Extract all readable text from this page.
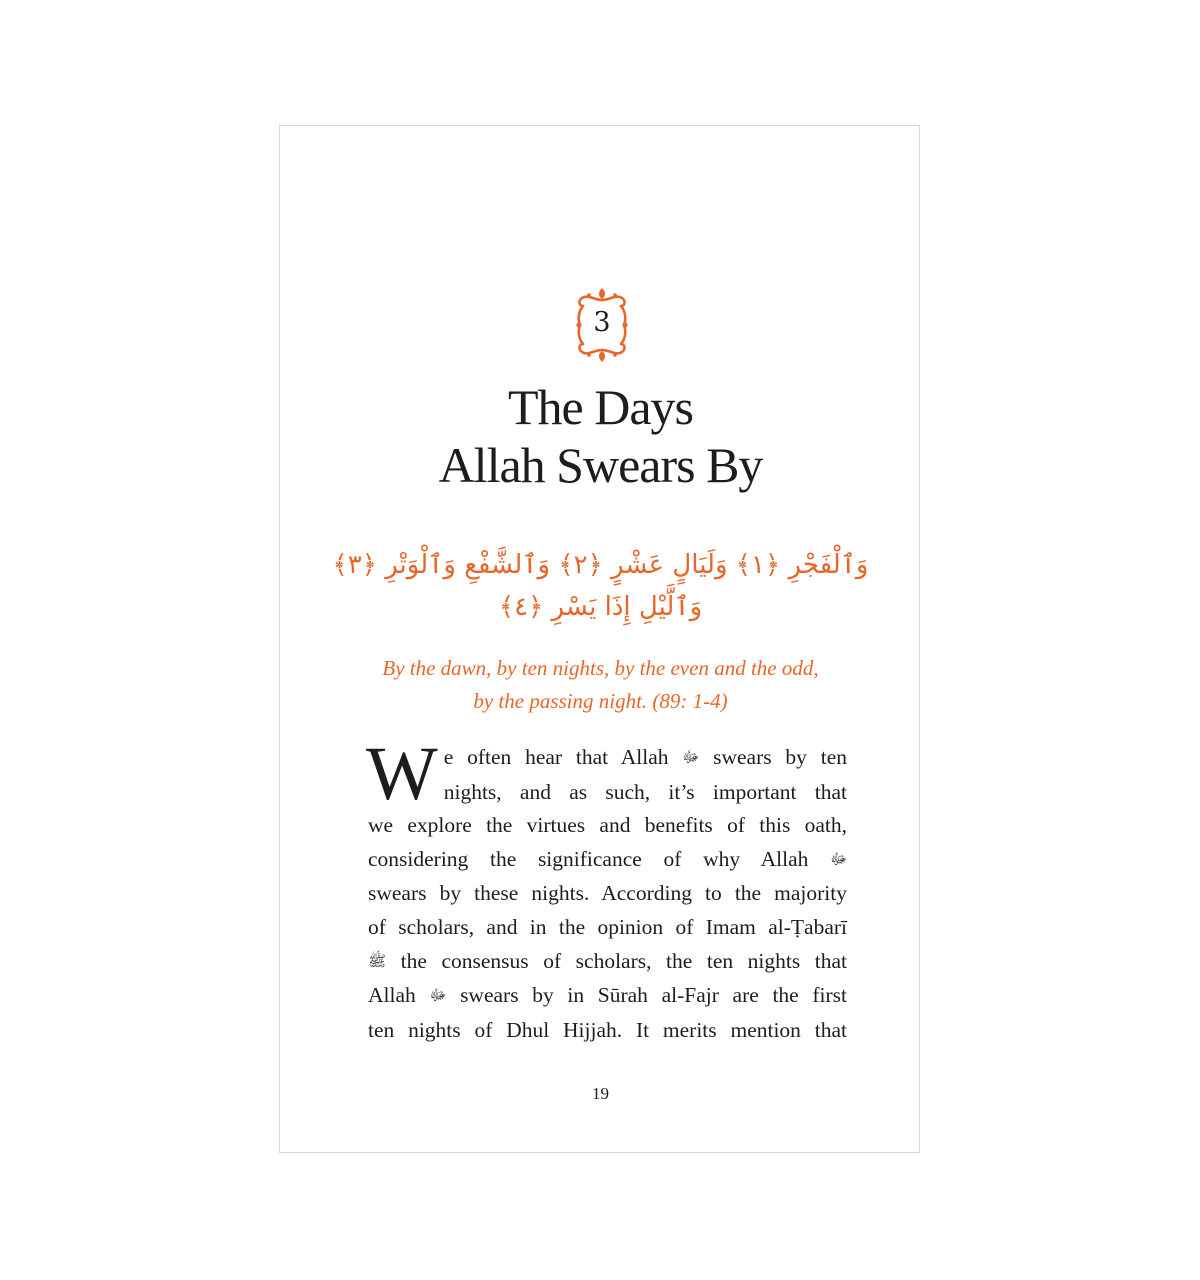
3
The Days
Allah Swears By
وَٱلْفَجْرِ ﴿١﴾ وَلَيَالٍ عَشْرٍ ﴿٢﴾ وَٱلشَّفْعِ وَٱلْوَتْرِ ﴿٣﴾
وَٱلَّيْلِ إِذَا يَسْرِ ﴿٤﴾
By the dawn, by ten nights, by the even and the odd,
by the passing night. (89: 1-4)
W e often hear that Allah ﷻ swears by ten
nights, and as such, it’s important that
we explore the virtues and benefits of this oath,
considering the significance of why Allah ﷻ
swears by these nights. According to the majority
of scholars, and in the opinion of Imam al-Ṭabarī
ﷺ the consensus of scholars, the ten nights that
Allah ﷻ swears by in Sūrah al-Fajr are the first
ten nights of Dhul Hijjah. It merits mention that
19
